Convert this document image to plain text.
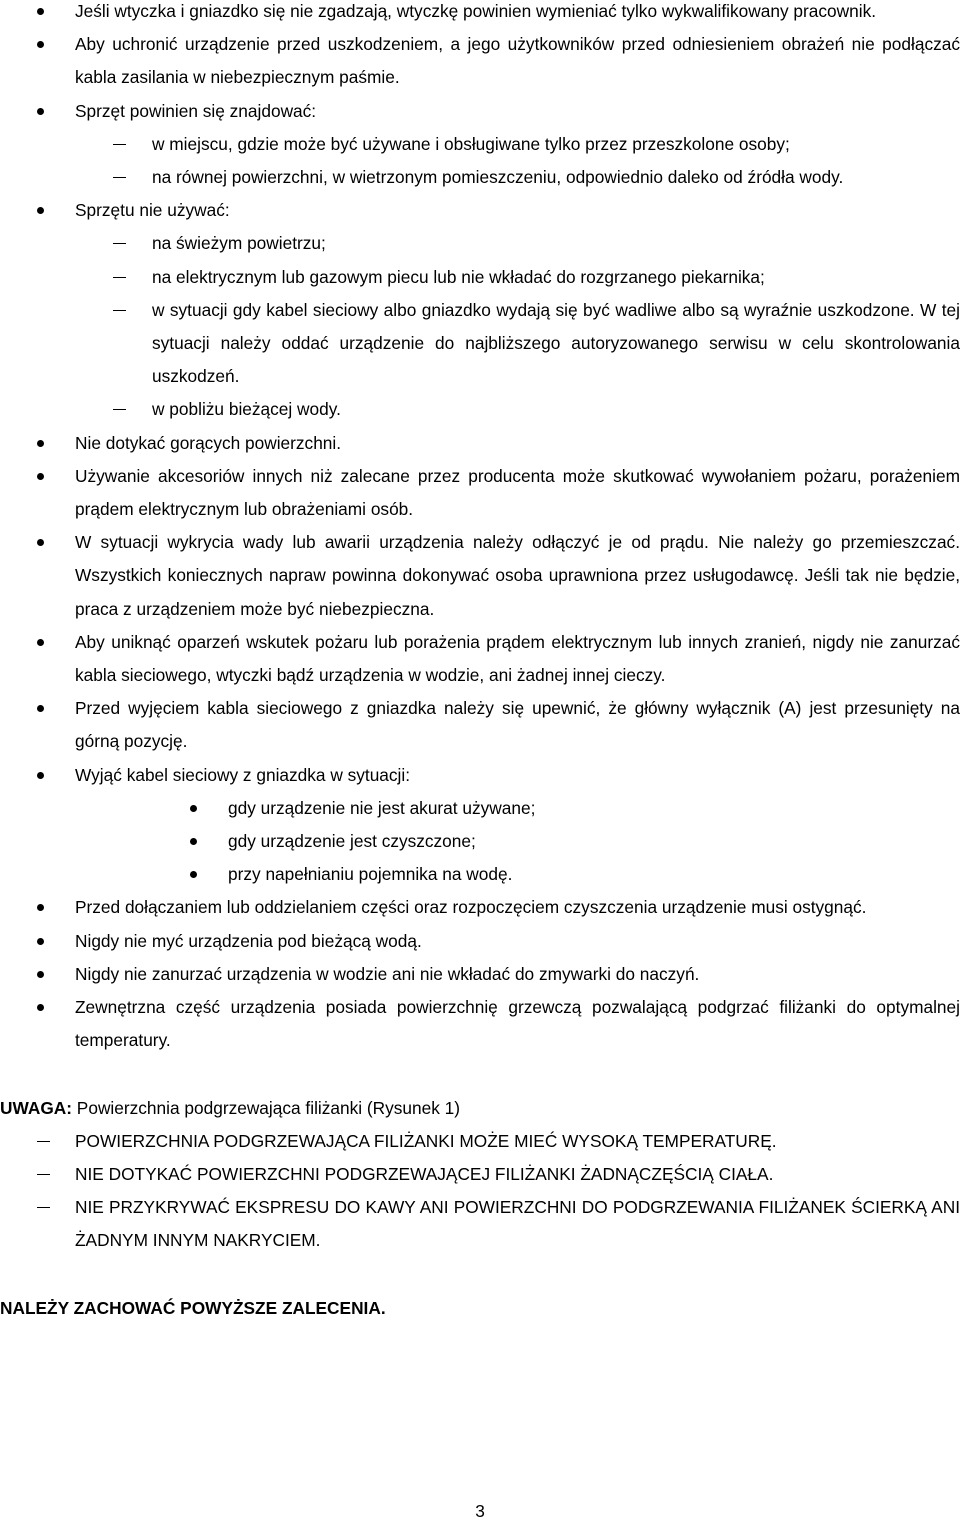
Jeśli wtyczka i gniazdko się nie zgadzają, wtyczkę powinien wymieniać tylko wykwalifikowany pracownik.
Aby uchronić urządzenie przed uszkodzeniem, a jego użytkowników przed odniesieniem obrażeń nie podłączać kabla zasilania w niebezpiecznym paśmie.
Sprzęt powinien się znajdować:
w miejscu, gdzie może być używane i obsługiwane tylko przez przeszkolone osoby;
na równej powierzchni, w wietrzonym pomieszczeniu, odpowiednio daleko od źródła wody.
Sprzętu nie używać:
na świeżym powietrzu;
na elektrycznym lub gazowym piecu lub nie wkładać do rozgrzanego piekarnika;
w sytuacji gdy kabel sieciowy albo gniazdko wydają się być wadliwe albo są wyraźnie uszkodzone. W tej sytuacji należy oddać urządzenie do najbliższego autoryzowanego serwisu w celu skontrolowania uszkodzeń.
w pobliżu bieżącej wody.
Nie dotykać gorących powierzchni.
Używanie akcesoriów innych niż zalecane przez producenta może skutkować wywołaniem pożaru, porażeniem prądem elektrycznym lub obrażeniami osób.
W sytuacji wykrycia wady lub awarii urządzenia należy odłączyć je od prądu. Nie należy go przemieszczać. Wszystkich koniecznych napraw powinna dokonywać osoba uprawniona przez usługodawcę. Jeśli tak nie będzie, praca z urządzeniem może być niebezpieczna.
Aby uniknąć oparzeń wskutek pożaru lub porażenia prądem elektrycznym lub innych zranień, nigdy nie zanurzać kabla sieciowego, wtyczki bądź urządzenia w wodzie, ani żadnej innej cieczy.
Przed wyjęciem kabla sieciowego z gniazdka należy się upewnić, że główny wyłącznik (A) jest przesunięty na górną pozycję.
Wyjąć kabel sieciowy z gniazdka w sytuacji:
gdy urządzenie nie jest akurat używane;
gdy urządzenie jest czyszczone;
przy napełnianiu pojemnika na wodę.
Przed dołączaniem lub oddzielaniem części oraz rozpoczęciem czyszczenia urządzenie musi ostygnąć.
Nigdy nie myć urządzenia pod bieżącą wodą.
Nigdy nie zanurzać urządzenia w wodzie ani nie wkładać do zmywarki do naczyń.
Zewnętrzna część urządzenia posiada powierzchnię grzewczą pozwalającą podgrzać filiżanki do optymalnej temperatury.
UWAGA: Powierzchnia podgrzewająca filiżanki (Rysunek 1)
POWIERZCHNIA PODGRZEWAJĄCA FILIŻANKI MOŻE MIEĆ WYSOKĄ TEMPERATURĘ.
NIE DOTYKAĆ POWIERZCHNI PODGRZEWAJĄCEJ FILIŻANKI ŻADNĄCZĘŚCIĄ CIAŁA.
NIE PRZYKRYWAĆ EKSPRESU DO KAWY ANI POWIERZCHNI DO PODGRZEWANIA FILIŻANEK ŚCIERKĄ ANI ŻADNYM INNYM NAKRYCIEM.
NALEŻY ZACHOWAĆ POWYŻSZE ZALECENIA.
3
